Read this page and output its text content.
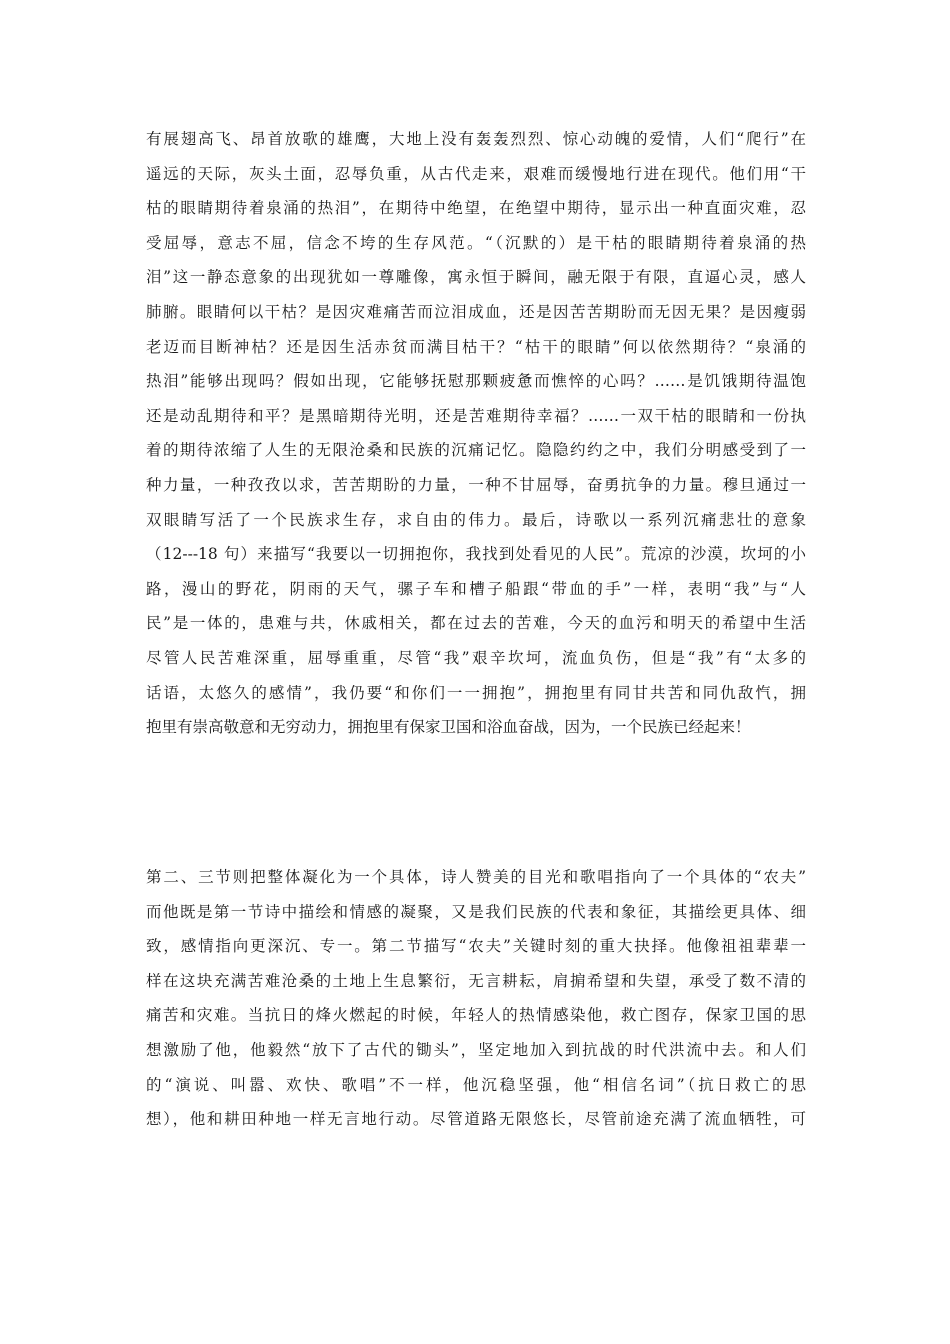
有展翅高飞、昂首放歌的雄鹰，大地上没有轰轰烈烈、惊心动魄的爱情，人们“爬行”在
遥远的天际，灰头土面，忍辱负重，从古代走来，艰难而缓慢地行进在现代。他们用“干
枯的眼睛期待着泉涌的热泪”，在期待中绝望，在绝望中期待，显示出一种直面灾难，忍
受屈辱，意志不屈，信念不垮的生存风范。“（沉默的）是干枯的眼睛期待着泉涌的热
泪”这一静态意象的出现犹如一尊雕像，寓永恒于瞬间，融无限于有限，直逼心灵，感人
肺腑。眼睛何以干枯？是因灾难痛苦而泣泪成血，还是因苦苦期盼而无因无果？是因瘦弱
老迈而目断神枯？还是因生活赤贫而满目枯干？“枯干的眼睛”何以依然期待？“泉涌的
热泪”能够出现吗？假如出现，它能够抚慰那颗疲惫而憔悴的心吗？……是饥饿期待温饱
还是动乱期待和平？是黑暗期待光明，还是苦难期待幸福？……一双干枯的眼睛和一份执
着的期待浓缩了人生的无限沧桑和民族的沉痛记忆。隐隐约约之中，我们分明感受到了一
种力量，一种孜孜以求，苦苦期盼的力量，一种不甘屈辱，奋勇抗争的力量。穆旦通过一
双眼睛写活了一个民族求生存，求自由的伟力。最后，诗歌以一系列沉痛悲壮的意象
（12---18 句）来描写“我要以一切拥抱你，我找到处看见的人民”。荒凉的沙漠，坎坷的小
路，漫山的野花，阴雨的天气，骡子车和槽子船跟“带血的手”一样，表明“我”与“人
民”是一体的，患难与共，休戚相关，都在过去的苦难，今天的血污和明天的希望中生活
尽管人民苦难深重，屈辱重重，尽管“我”艰辛坎坷，流血负伤，但是“我”有“太多的
话语，太悠久的感情”，我仍要“和你们一一拥抱”，拥抱里有同甘共苦和同仇敌忾，拥
抱里有崇高敬意和无穷动力，拥抱里有保家卫国和浴血奋战，因为，一个民族已经起来！
第二、三节则把整体凝化为一个具体，诗人赞美的目光和歌唱指向了一个具体的“农夫”
而他既是第一节诗中描绘和情感的凝聚，又是我们民族的代表和象征，其描绘更具体、细
致，感情指向更深沉、专一。第二节描写“农夫”关键时刻的重大抉择。他像祖祖辈辈一
样在这块充满苦难沧桑的土地上生息繁衍，无言耕耘，肩掮希望和失望，承受了数不清的
痛苦和灾难。当抗日的烽火燃起的时候，年轻人的热情感染他，救亡图存，保家卫国的思
想激励了他，他毅然“放下了古代的锄头”，坚定地加入到抗战的时代洪流中去。和人们
的“演说、叫嚣、欢快、歌唱”不一样，他沉稳坚强，他“相信名词”（抗日救亡的思
想），他和耕田种地一样无言地行动。尽管道路无限悠长，尽管前途充满了流血牺牲，可
